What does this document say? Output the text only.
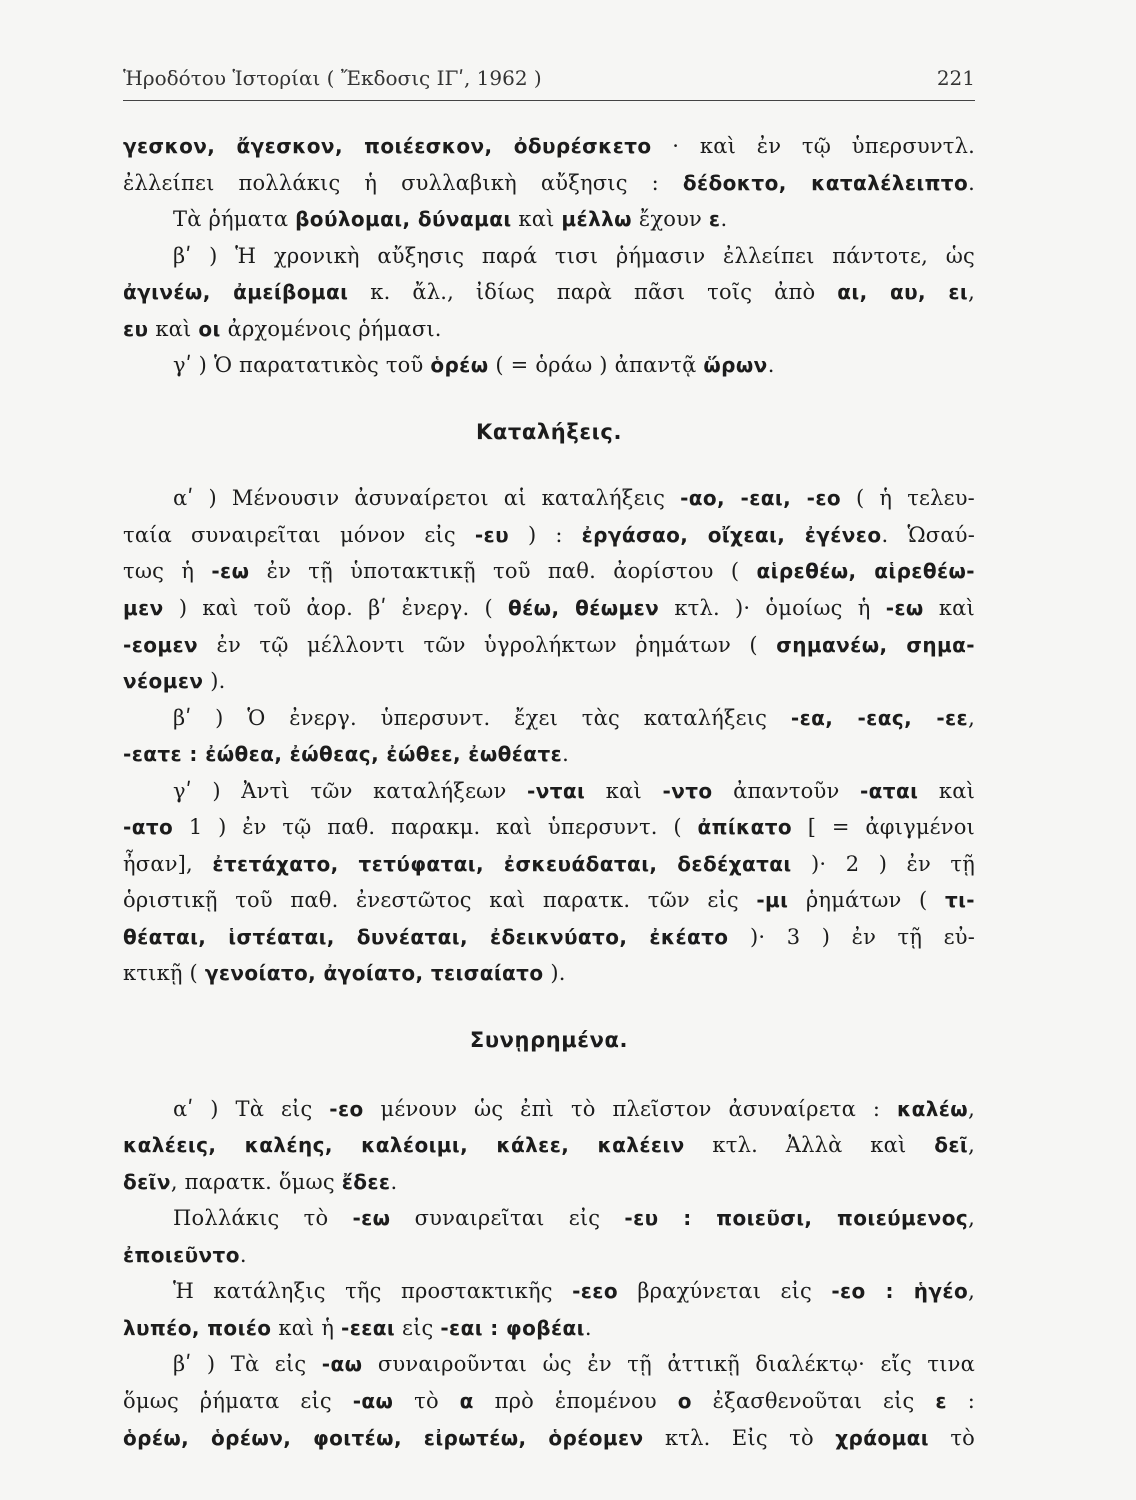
Ἡροδότου Ἱστορίαι ( Ἔκδοσις ΙΓʹ, 1962 )	221
γεσκον, ἄγεσκον, ποιέεσκον, ὀδυρέσκετο · καὶ ἐν τῷ ὑπερσυντλ.
ἐλλείπει πολλάκις ἡ συλλαβικὴ αὔξησις : δέδοκτο, καταλέλειπτο.
Τὰ ῥήματα βούλομαι, δύναμαι καὶ μέλλω ἔχουν ε.
βʹ ) Ἡ χρονικὴ αὔξησις παρά τισι ῥήμασιν ἐλλείπει πάντοτε, ὡς
ἀγινέω, ἀμείβομαι κ. ἄλ., ἰδίως παρὰ πᾶσι τοῖς ἀπὸ αι, αυ, ει,
ευ καὶ οι ἀρχομένοις ῥήμασι.
γʹ ) Ὁ παρατατικὸς τοῦ ὁρέω ( = ὁράω ) ἀπαντᾷ ὥρων.
Καταλήξεις.
αʹ ) Μένουσιν ἀσυναίρετοι αἱ καταλήξεις -αο, -εαι, -εο ( ἡ τελευ-
ταία συναιρεῖται μόνον εἰς -ευ ) : ἐργάσαο, οἴχεαι, ἐγένεο. Ὡσαύ-
τως ἡ -εω ἐν τῇ ὑποτακτικῇ τοῦ παθ. ἀορίστου ( αἱρεθέω, αἱρεθέω-
μεν ) καὶ τοῦ ἀορ. βʹ ἐνεργ. ( θέω, θέωμεν κτλ. )· ὁμοίως ἡ -εω καὶ
-εομεν ἐν τῷ μέλλοντι τῶν ὑγρολήκτων ῥημάτων ( σημανέω, σημα-
νέομεν ).
βʹ ) Ὁ ἐνεργ. ὑπερσυντ. ἔχει τὰς καταλήξεις -εα, -εας, -εε,
-εατε : ἐώθεα, ἐώθεας, ἐώθεε, ἐωθέατε.
γʹ ) Ἀντὶ τῶν καταλήξεων -νται καὶ -ντο ἀπαντοῦν -αται καὶ
-ατο 1 ) ἐν τῷ παθ. παρακμ. καὶ ὑπερσυντ. ( ἀπίκατο [ = ἀφιγμένοι
ἦσαν], ἐτετάχατο, τετύφαται, ἐσκευάδαται, δεδέχαται )· 2 ) ἐν τῇ
ὁριστικῇ τοῦ παθ. ἐνεστῶτος καὶ παρατκ. τῶν εἰς -μι ῥημάτων ( τι-
θέαται, ἱστέαται, δυνέαται, ἐδεικνύατο, ἐκέατο )· 3 ) ἐν τῇ εὐ-
κτικῇ ( γενοίατο, ἀγοίατο, τεισαίατο ).
Συνῃρημένα.
αʹ ) Τὰ εἰς -εο μένουν ὡς ἐπὶ τὸ πλεῖστον ἀσυναίρετα : καλέω,
καλέεις, καλέης, καλέοιμι, κάλεε, καλέειν κτλ. Ἀλλὰ καὶ δεῖ,
δεῖν, παρατκ. ὅμως ἔδεε.
Πολλάκις τὸ -εω συναιρεῖται εἰς -ευ : ποιεῦσι, ποιεύμενος,
ἐποιεῦντο.
Ἡ κατάληξις τῆς προστακτικῆς -εεο βραχύνεται εἰς -εο : ἡγέο,
λυπέο, ποιέο καὶ ἡ -εεαι εἰς -εαι : φοβέαι.
βʹ ) Τὰ εἰς -αω συναιροῦνται ὡς ἐν τῇ ἀττικῇ διαλέκτῳ· εἴς τινα
ὅμως ῥήματα εἰς -αω τὸ α πρὸ ἑπομένου ο ἐξασθενοῦται εἰς ε :
ὁρέω, ὁρέων, φοιτέω, εἰρωτέω, ὁρέομεν κτλ. Εἰς τὸ χράομαι τὸ
